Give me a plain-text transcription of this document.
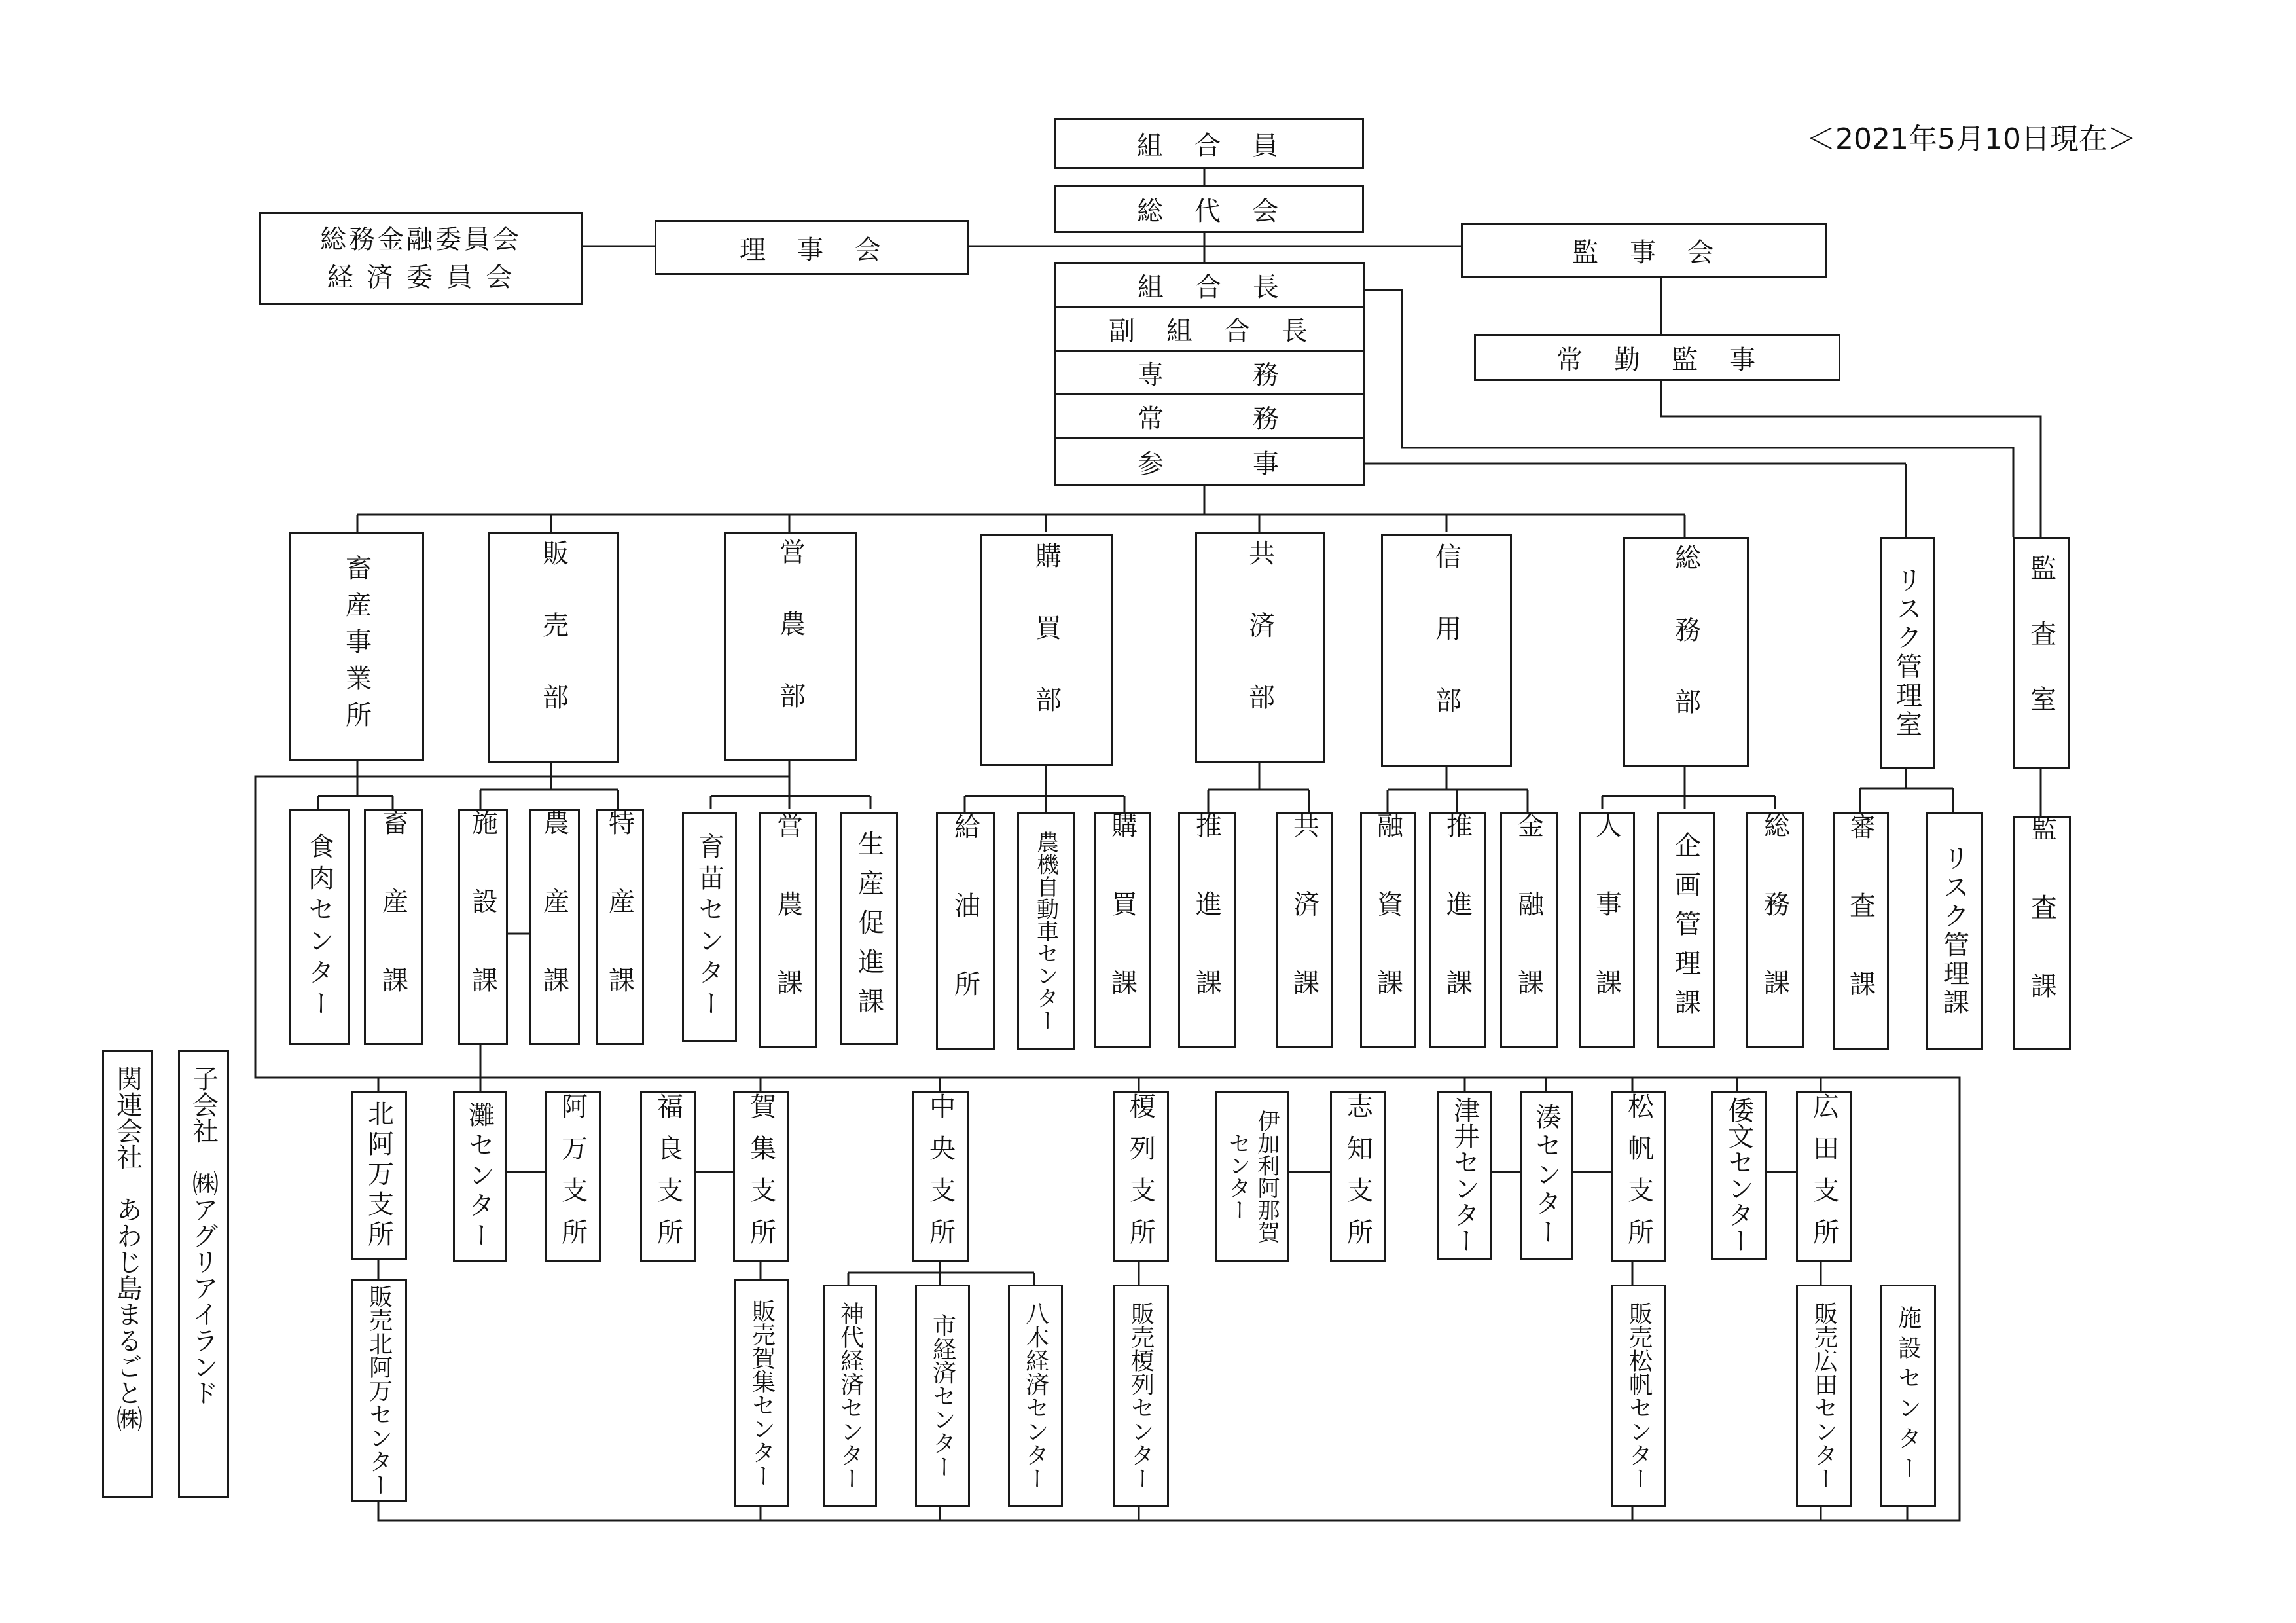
＜2021年5月10日現在＞
組　合　員
総　代　会
理　事　会	監　事　会
総務金融委員会
経 済 委 員 会
常　勤　監　事
組　合　長
副　組　合　長
専　　　務
常　　　務
参　　　事
畜産事業所	販売部	営農部	購買部	共済部	信用部	総務部	リスク管理室	監査室
食肉センター 畜産課 施設課 農産課 特産課 育苗センター 営農課 生産促進課	給油所 農機自動車センター 購買課 推進課	共済課 融資課 推進課 金融課 人事課 企画管理課 総務課 審査課 リスク管理課 監査課
北阿万支所	灘センター 阿万支所	福良支所 賀集支所	中央支所	榎列支所	伊加利阿那賀センター	志知支所	津井センター 湊センター 松帆支所	倭文センター 広田支所
販売北阿万センター	販売賀集センター	神代経済センター	市経済センター	八木経済センター	販売榎列センター	販売松帆センター	販売広田センター 施設センター
関連会社　あわじ島まるごと㈱ 子会社　㈱アグリアイランド
